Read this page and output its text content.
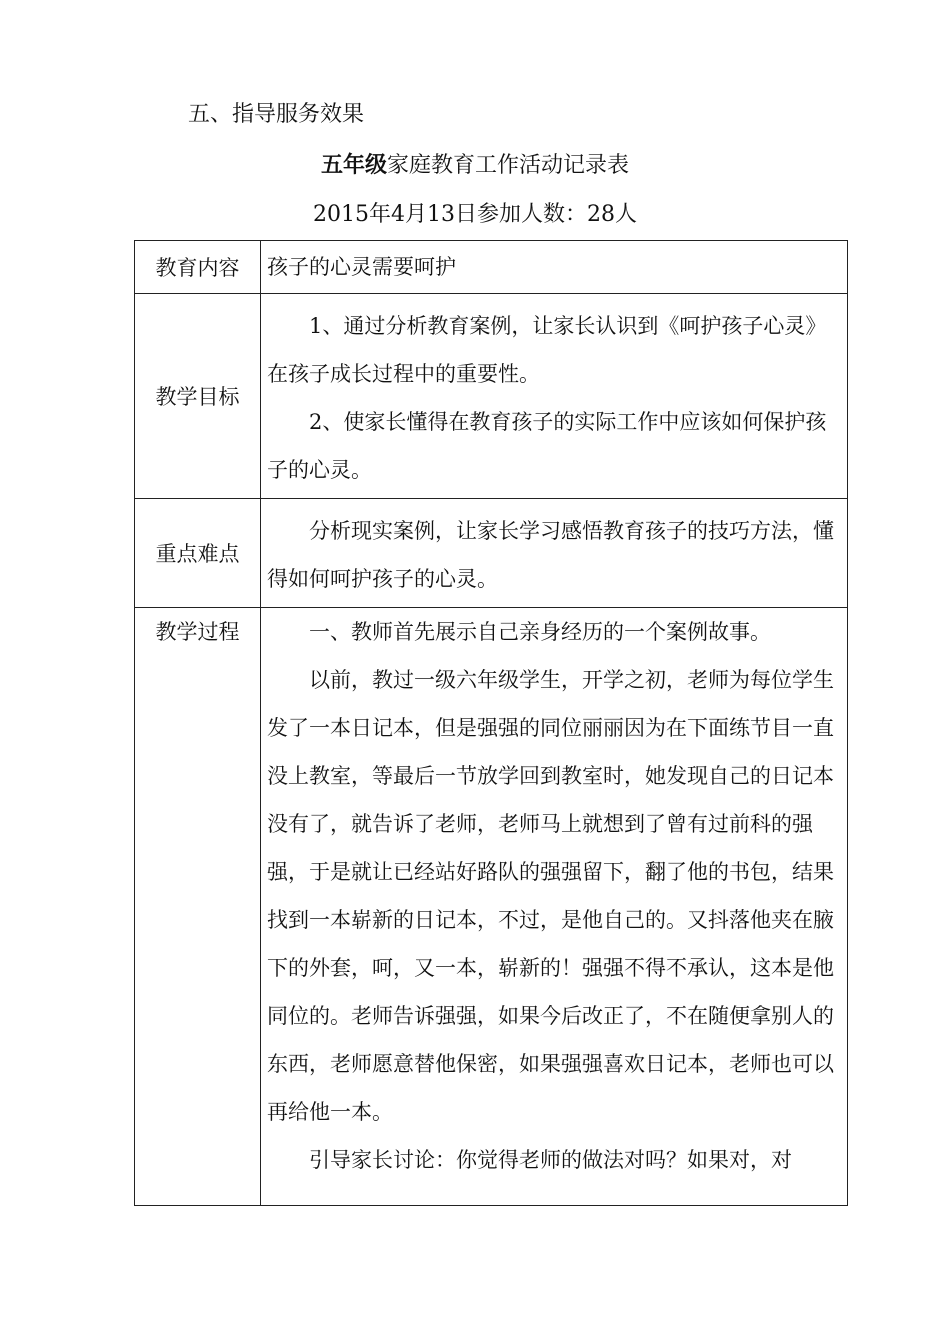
五、指导服务效果
五年级家庭教育工作活动记录表
2015年4月13日参加人数：28人
教育内容	孩子的心灵需要呵护
教学目标	1、通过分析教育案例，让家长认识到《呵护孩子心灵》在孩子成长过程中的重要性。

2、使家长懂得在教育孩子的实际工作中应该如何保护孩子的心灵。

重点难点	分析现实案例，让家长学习感悟教育孩子的技巧方法，懂得如何呵护孩子的心灵。

教学过程	一、教师首先展示自己亲身经历的一个案例故事。

以前，教过一级六年级学生，开学之初，老师为每位学生发了一本日记本，但是强强的同位丽丽因为在下面练节目一直没上教室，等最后一节放学回到教室时，她发现自己的日记本没有了，就告诉了老师，老师马上就想到了曾有过前科的强强，于是就让已经站好路队的强强留下，翻了他的书包，结果找到一本崭新的日记本，不过，是他自己的。又抖落他夹在腋下的外套，呵，又一本，崭新的！强强不得不承认，这本是他同位的。老师告诉强强，如果今后改正了，不在随便拿别人的东西，老师愿意替他保密，如果强强喜欢日记本，老师也可以再给他一本。

引导家长讨论：你觉得老师的做法对吗？如果对，对
